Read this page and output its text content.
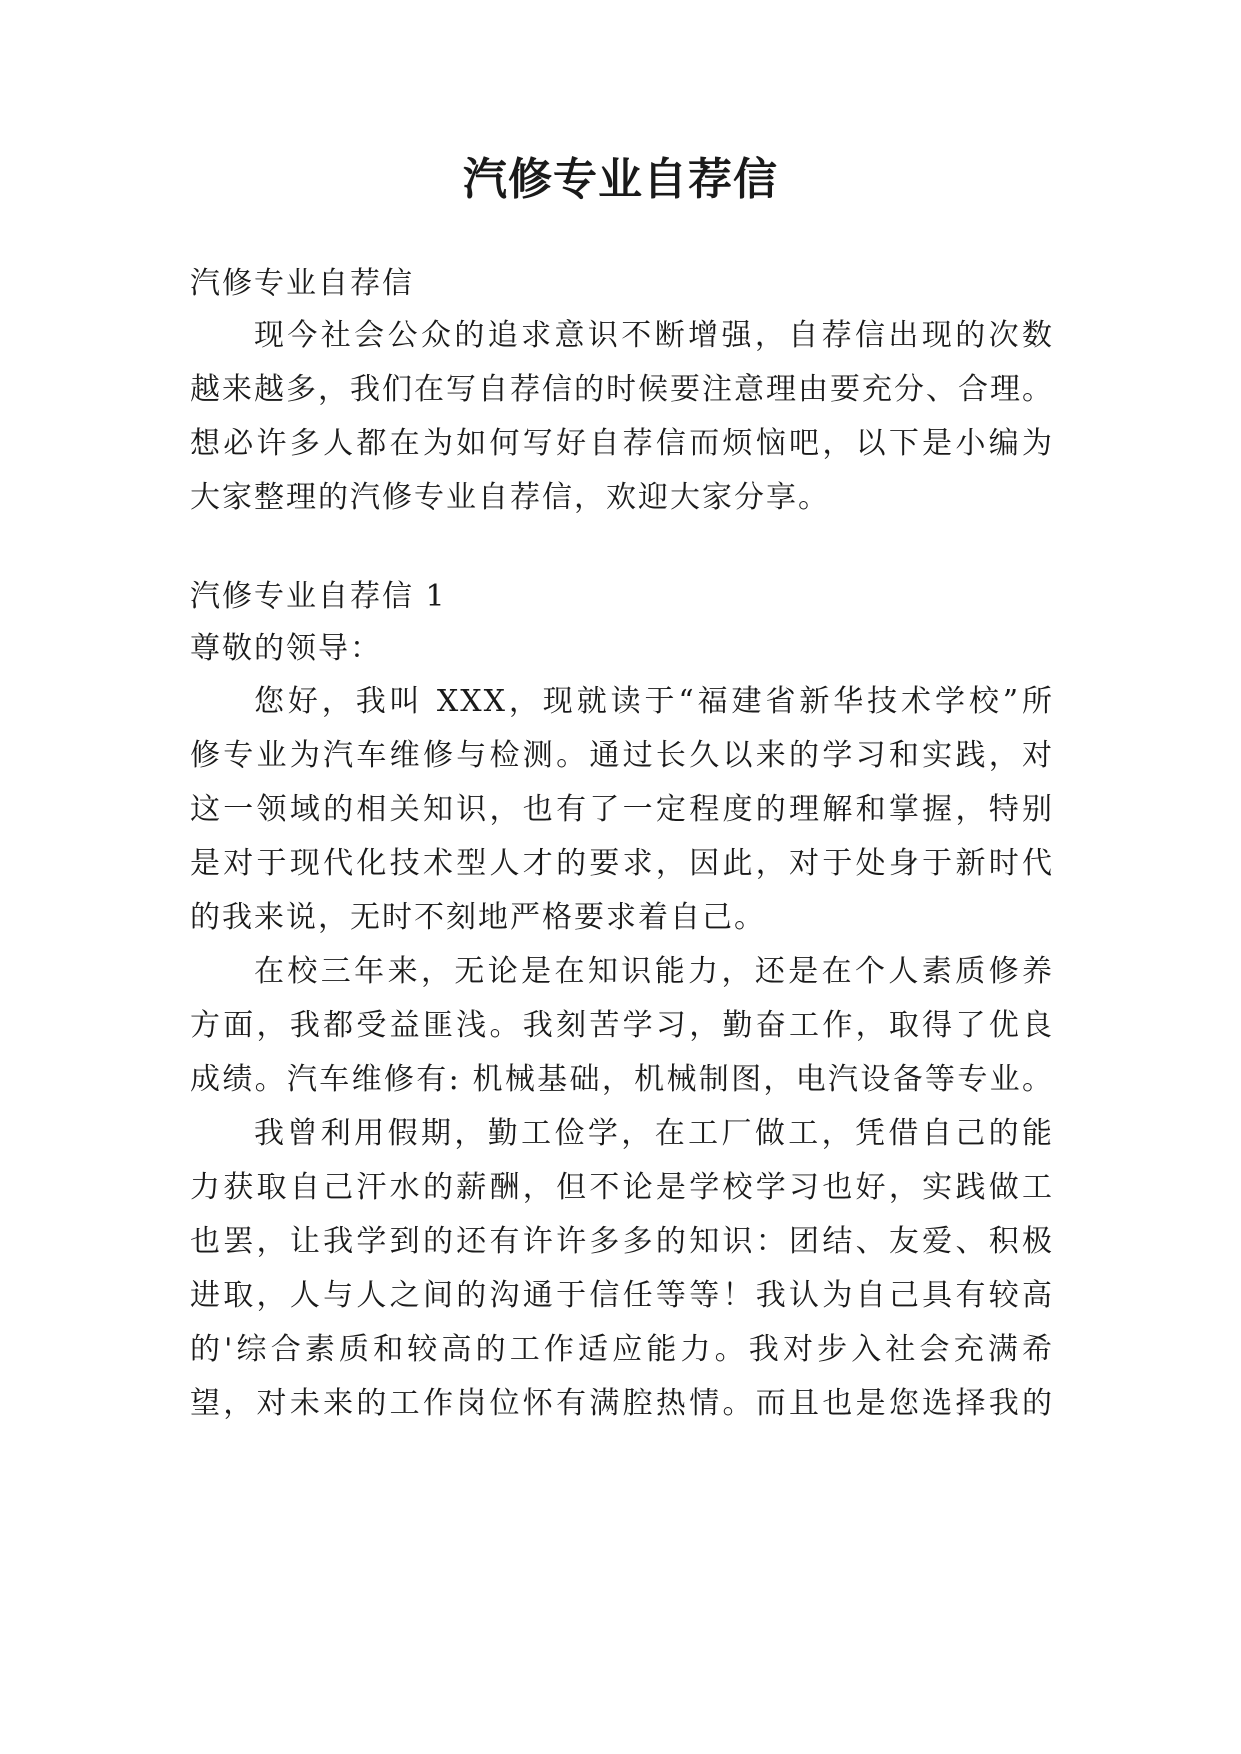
汽修专业自荐信
汽修专业自荐信
现今社会公众的追求意识不断增强，自荐信出现的次数
越来越多，我们在写自荐信的时候要注意理由要充分、合理。
想必许多人都在为如何写好自荐信而烦恼吧，以下是小编为
大家整理的汽修专业自荐信，欢迎大家分享。
汽修专业自荐信 1
尊敬的领导：
您好，我叫 XXX，现就读于“福建省新华技术学校”所
修专业为汽车维修与检测。通过长久以来的学习和实践，对
这一领域的相关知识，也有了一定程度的理解和掌握，特别
是对于现代化技术型人才的要求，因此，对于处身于新时代
的我来说，无时不刻地严格要求着自己。
在校三年来，无论是在知识能力，还是在个人素质修养
方面，我都受益匪浅。我刻苦学习，勤奋工作，取得了优良
成绩。汽车维修有: 机械基础，机械制图，电汽设备等专业。
我曾利用假期，勤工俭学，在工厂做工，凭借自己的能
力获取自己汗水的薪酬，但不论是学校学习也好，实践做工
也罢，让我学到的还有许许多多的知识：团结、友爱、积极
进取，人与人之间的沟通于信任等等！我认为自己具有较高
的'综合素质和较高的工作适应能力。我对步入社会充满希
望，对未来的工作岗位怀有满腔热情。而且也是您选择我的
